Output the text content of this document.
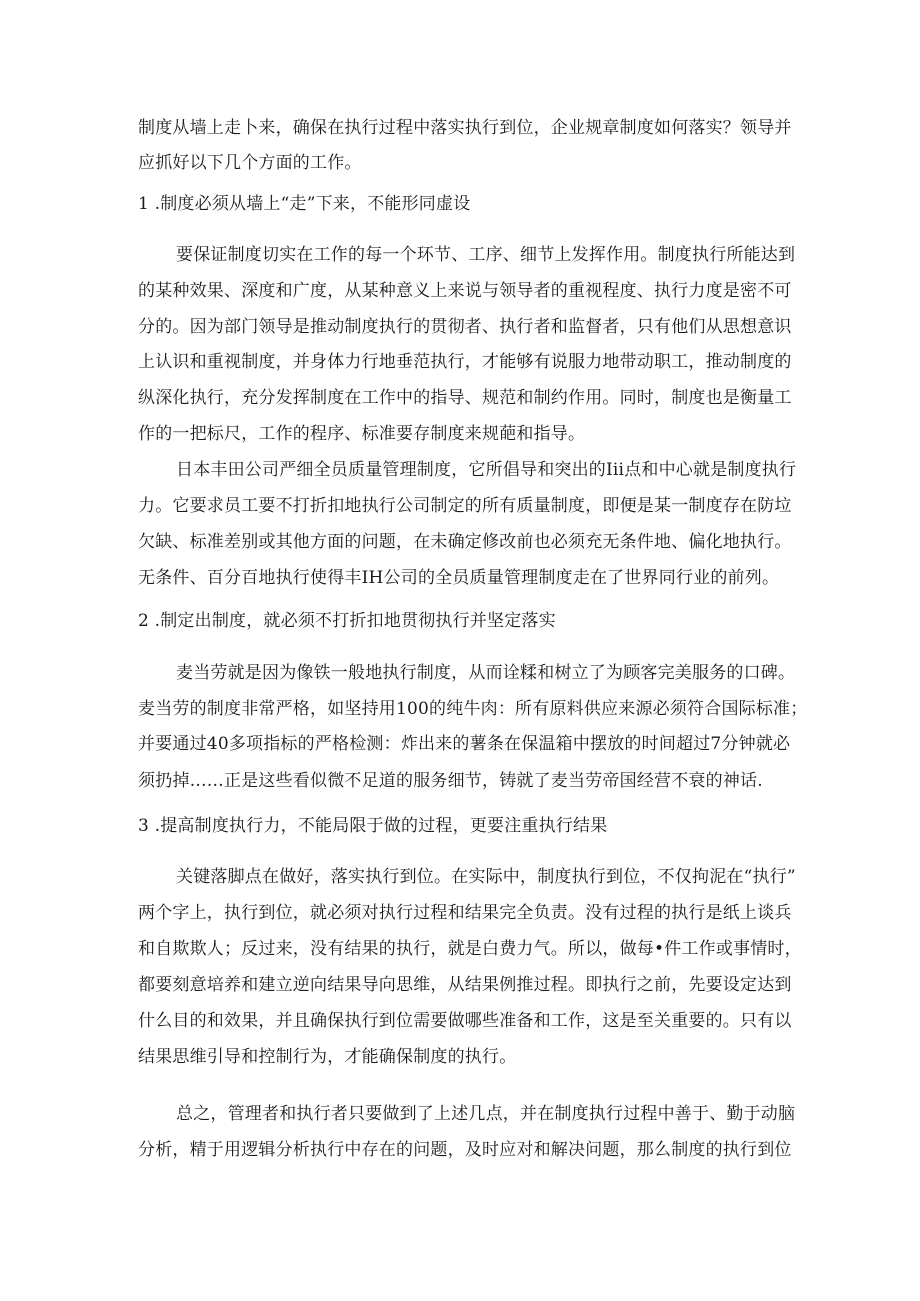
制度从墙上走卜来，确保在执行过程中落实执行到位，企业规章制度如何落实？领导并
应抓好以下几个方面的工作。
1 .制度必须从墙上“走”下来，不能形同虚设
要保证制度切实在工作的每一个环节、工序、细节上发挥作用。制度执行所能达到
的某种效果、深度和广度，从某种意义上来说与领导者的重视程度、执行力度是密不可
分的。因为部门领导是推动制度执行的贯彻者、执行者和监督者，只有他们从思想意识
上认识和重视制度，并身体力行地垂范执行，才能够有说服力地带动职工，推动制度的
纵深化执行，充分发挥制度在工作中的指导、规范和制约作用。同时，制度也是衡量工
作的一把标尺，工作的程序、标准要存制度来规葩和指导。
日本丰田公司严细全员质量管理制度，它所倡导和突出的Iii点和中心就是制度执行
力。它要求员工要不打折扣地执行公司制定的所有质量制度，即便是某一制度存在防垃
欠缺、标准差别或其他方面的问题，在未确定修改前也必须充无条件地、偏化地执行。
无条件、百分百地执行使得丰IH公司的全员质量管理制度走在了世界同行业的前列。
2 .制定出制度，就必须不打折扣地贯彻执行并坚定落实
麦当劳就是因为像铁一般地执行制度，从而诠糅和树立了为顾客完美服务的口碑。
麦当劳的制度非常严格，如坚持用100的纯牛肉：所有原料供应来源必须符合国际标准；
并要通过40多项指标的严格检测：炸出来的薯条在保温箱中摆放的时间超过7分钟就必
须扔掉……正是这些看似微不足道的服务细节，铸就了麦当劳帝国经营不衰的神话.
3 .提高制度执行力，不能局限于做的过程，更要注重执行结果
关键落脚点在做好，落实执行到位。在实际中，制度执行到位，不仅拘泥在“执行”
两个字上，执行到位，就必须对执行过程和结果完全负责。没有过程的执行是纸上谈兵
和自欺欺人；反过来，没有结果的执行，就是白费力气。所以，做每•件工作或事情时，
都要刻意培养和建立逆向结果导向思维，从结果例推过程。即执行之前，先要设定达到
什么目的和效果，并且确保执行到位需要做哪些准备和工作，这是至关重要的。只有以
结果思维引导和控制行为，才能确保制度的执行。
总之，管理者和执行者只要做到了上述几点，并在制度执行过程中善于、勤于动脑
分析，精于用逻辑分析执行中存在的问题，及时应对和解决问题，那么制度的执行到位
